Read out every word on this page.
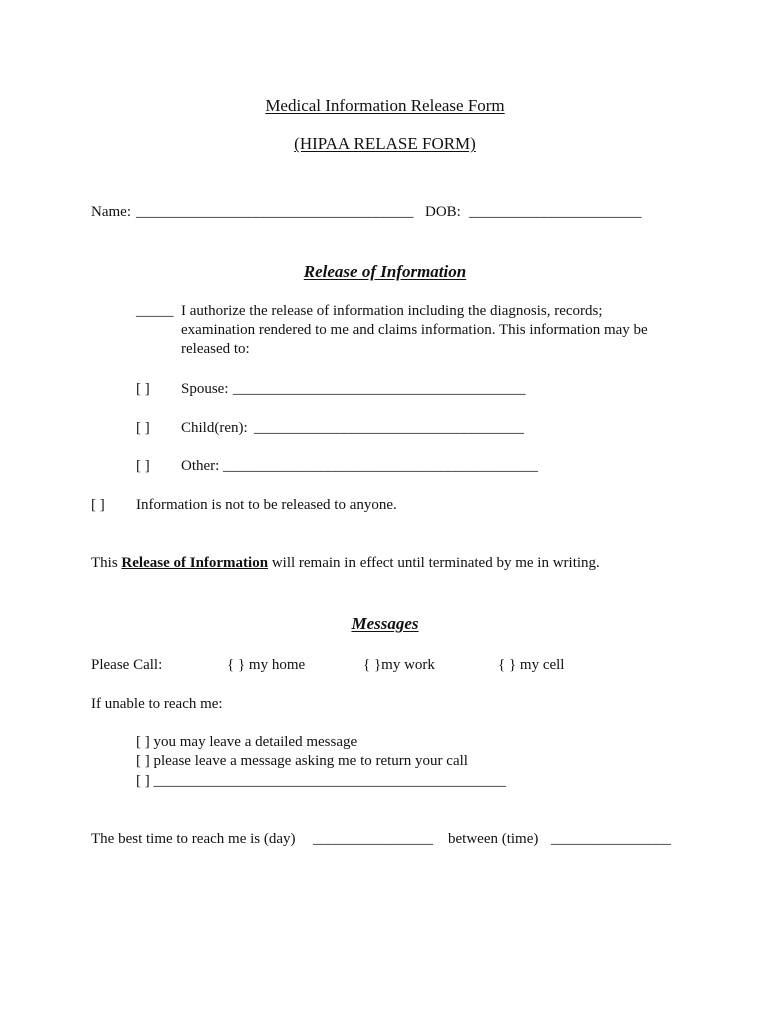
Medical Information Release Form
(HIPAA RELASE FORM)
Name: _____________________________________ DOB: _______________________
Release of Information
_____ I authorize the release of information including the diagnosis, records;
examination rendered to me and claims information. This information may be released to:
[ ] Spouse: _______________________________________
[ ] Child(ren): ____________________________________
[ ] Other: __________________________________________
[ ] Information is not to be released to anyone.
This Release of Information will remain in effect until terminated by me in writing.
Messages
Please Call:	{ } my home	{ }my work	{ } my cell
If unable to reach me:
[ ] you may leave a detailed message
[ ] please leave a message asking me to return your call
[ ] _______________________________________________
The best time to reach me is (day) ________________ between (time) ________________
